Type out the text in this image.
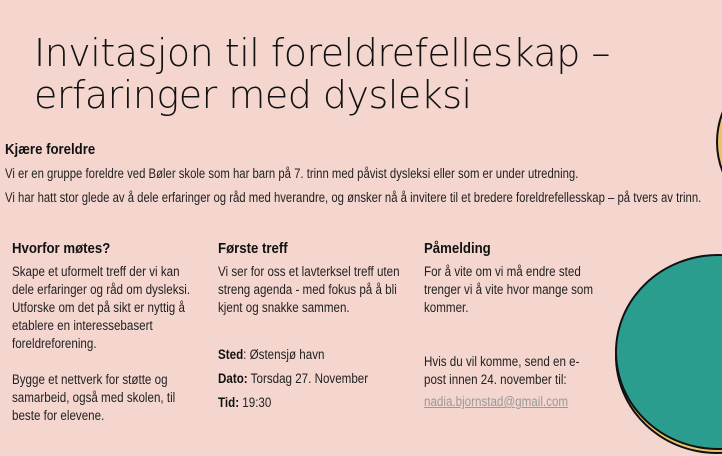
Invitasjon til foreldrefelleskap –
erfaringer med dysleksi
Kjære foreldre
Vi er en gruppe foreldre ved Bøler skole som har barn på 7. trinn med påvist dysleksi eller som er under utredning.
Vi har hatt stor glede av å dele erfaringer og råd med hverandre, og ønsker nå å invitere til et bredere foreldrefellesskap – på tvers av trinn.
Hvorfor møtes?

Skape et uformelt treff der vi kan dele erfaringer og råd om dysleksi.

Utforske om det på sikt er nyttig å etablere en interessebasert foreldreforening.

Bygge et nettverk for støtte og samarbeid, også med skolen, til beste for elevene.

Første treff

Vi ser for oss et lavterksel treff uten streng agenda - med fokus på å bli kjent og snakke sammen.

Sted: Østensjø havn
Dato: Torsdag 27. November
Tid: 19:30
Påmelding

For å vite om vi må endre sted trenger vi å vite hvor mange som kommer.

Hvis du vil komme, send en e-post innen 24. november til:

nadia.bjornstad@gmail.com
